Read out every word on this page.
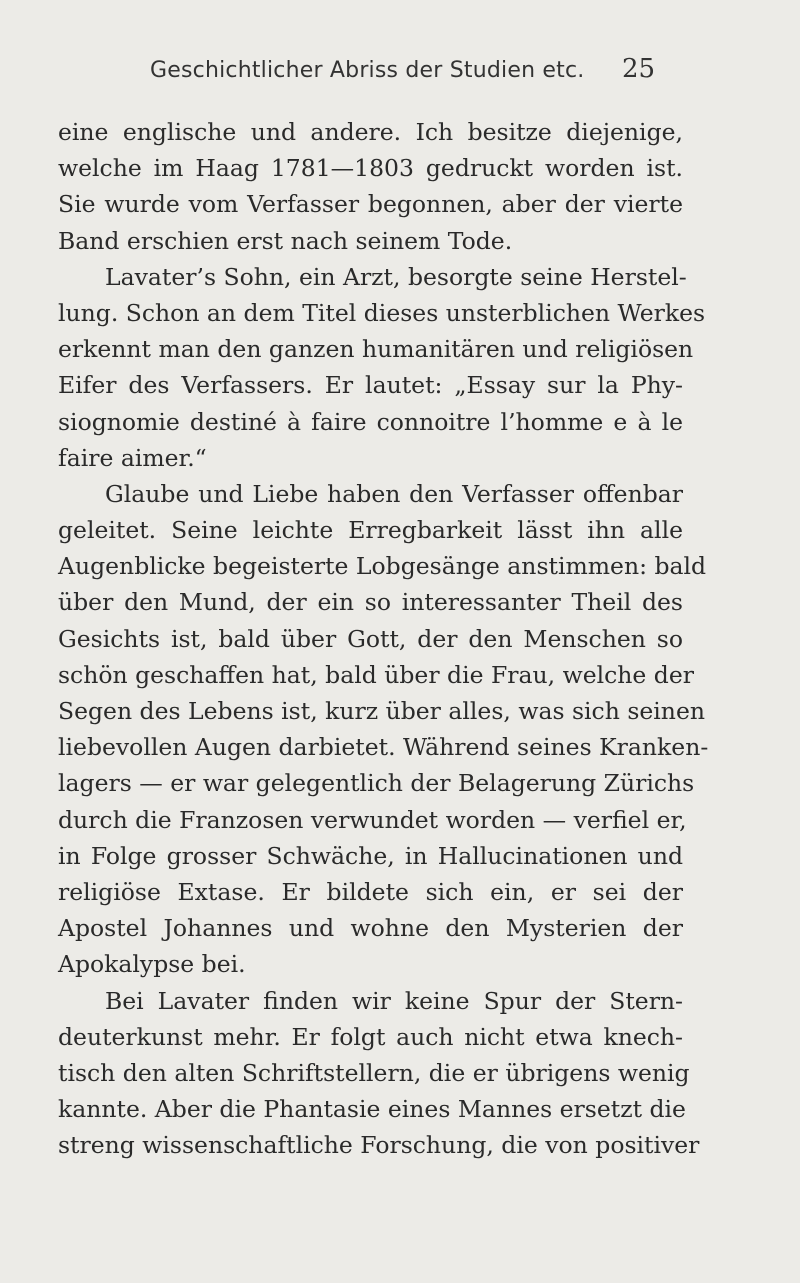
Geschichtlicher Abriss der Studien etc. 25
eine englische und andere. Ich besitze diejenige,
welche im Haag 1781—1803 gedruckt worden ist.
Sie wurde vom Verfasser begonnen, aber der vierte
Band erschien erst nach seinem Tode.
Lavater’s Sohn, ein Arzt, besorgte seine Herstel-
lung. Schon an dem Titel dieses unsterblichen Werkes
erkennt man den ganzen humanitären und religiösen
Eifer des Verfassers. Er lautet: „Essay sur la Phy-
siognomie destiné à faire connoitre l’homme e à le
faire aimer.“
Glaube und Liebe haben den Verfasser offenbar
geleitet. Seine leichte Erregbarkeit lässt ihn alle
Augenblicke begeisterte Lobgesänge anstimmen: bald
über den Mund, der ein so interessanter Theil des
Gesichts ist, bald über Gott, der den Menschen so
schön geschaffen hat, bald über die Frau, welche der
Segen des Lebens ist, kurz über alles, was sich seinen
liebevollen Augen darbietet. Während seines Kranken-
lagers — er war gelegentlich der Belagerung Zürichs
durch die Franzosen verwundet worden — verfiel er,
in Folge grosser Schwäche, in Hallucinationen und
religiöse Extase. Er bildete sich ein, er sei der
Apostel Johannes und wohne den Mysterien der
Apokalypse bei.
Bei Lavater finden wir keine Spur der Stern-
deuterkunst mehr. Er folgt auch nicht etwa knech-
tisch den alten Schriftstellern, die er übrigens wenig
kannte. Aber die Phantasie eines Mannes ersetzt die
streng wissenschaftliche Forschung, die von positiver
